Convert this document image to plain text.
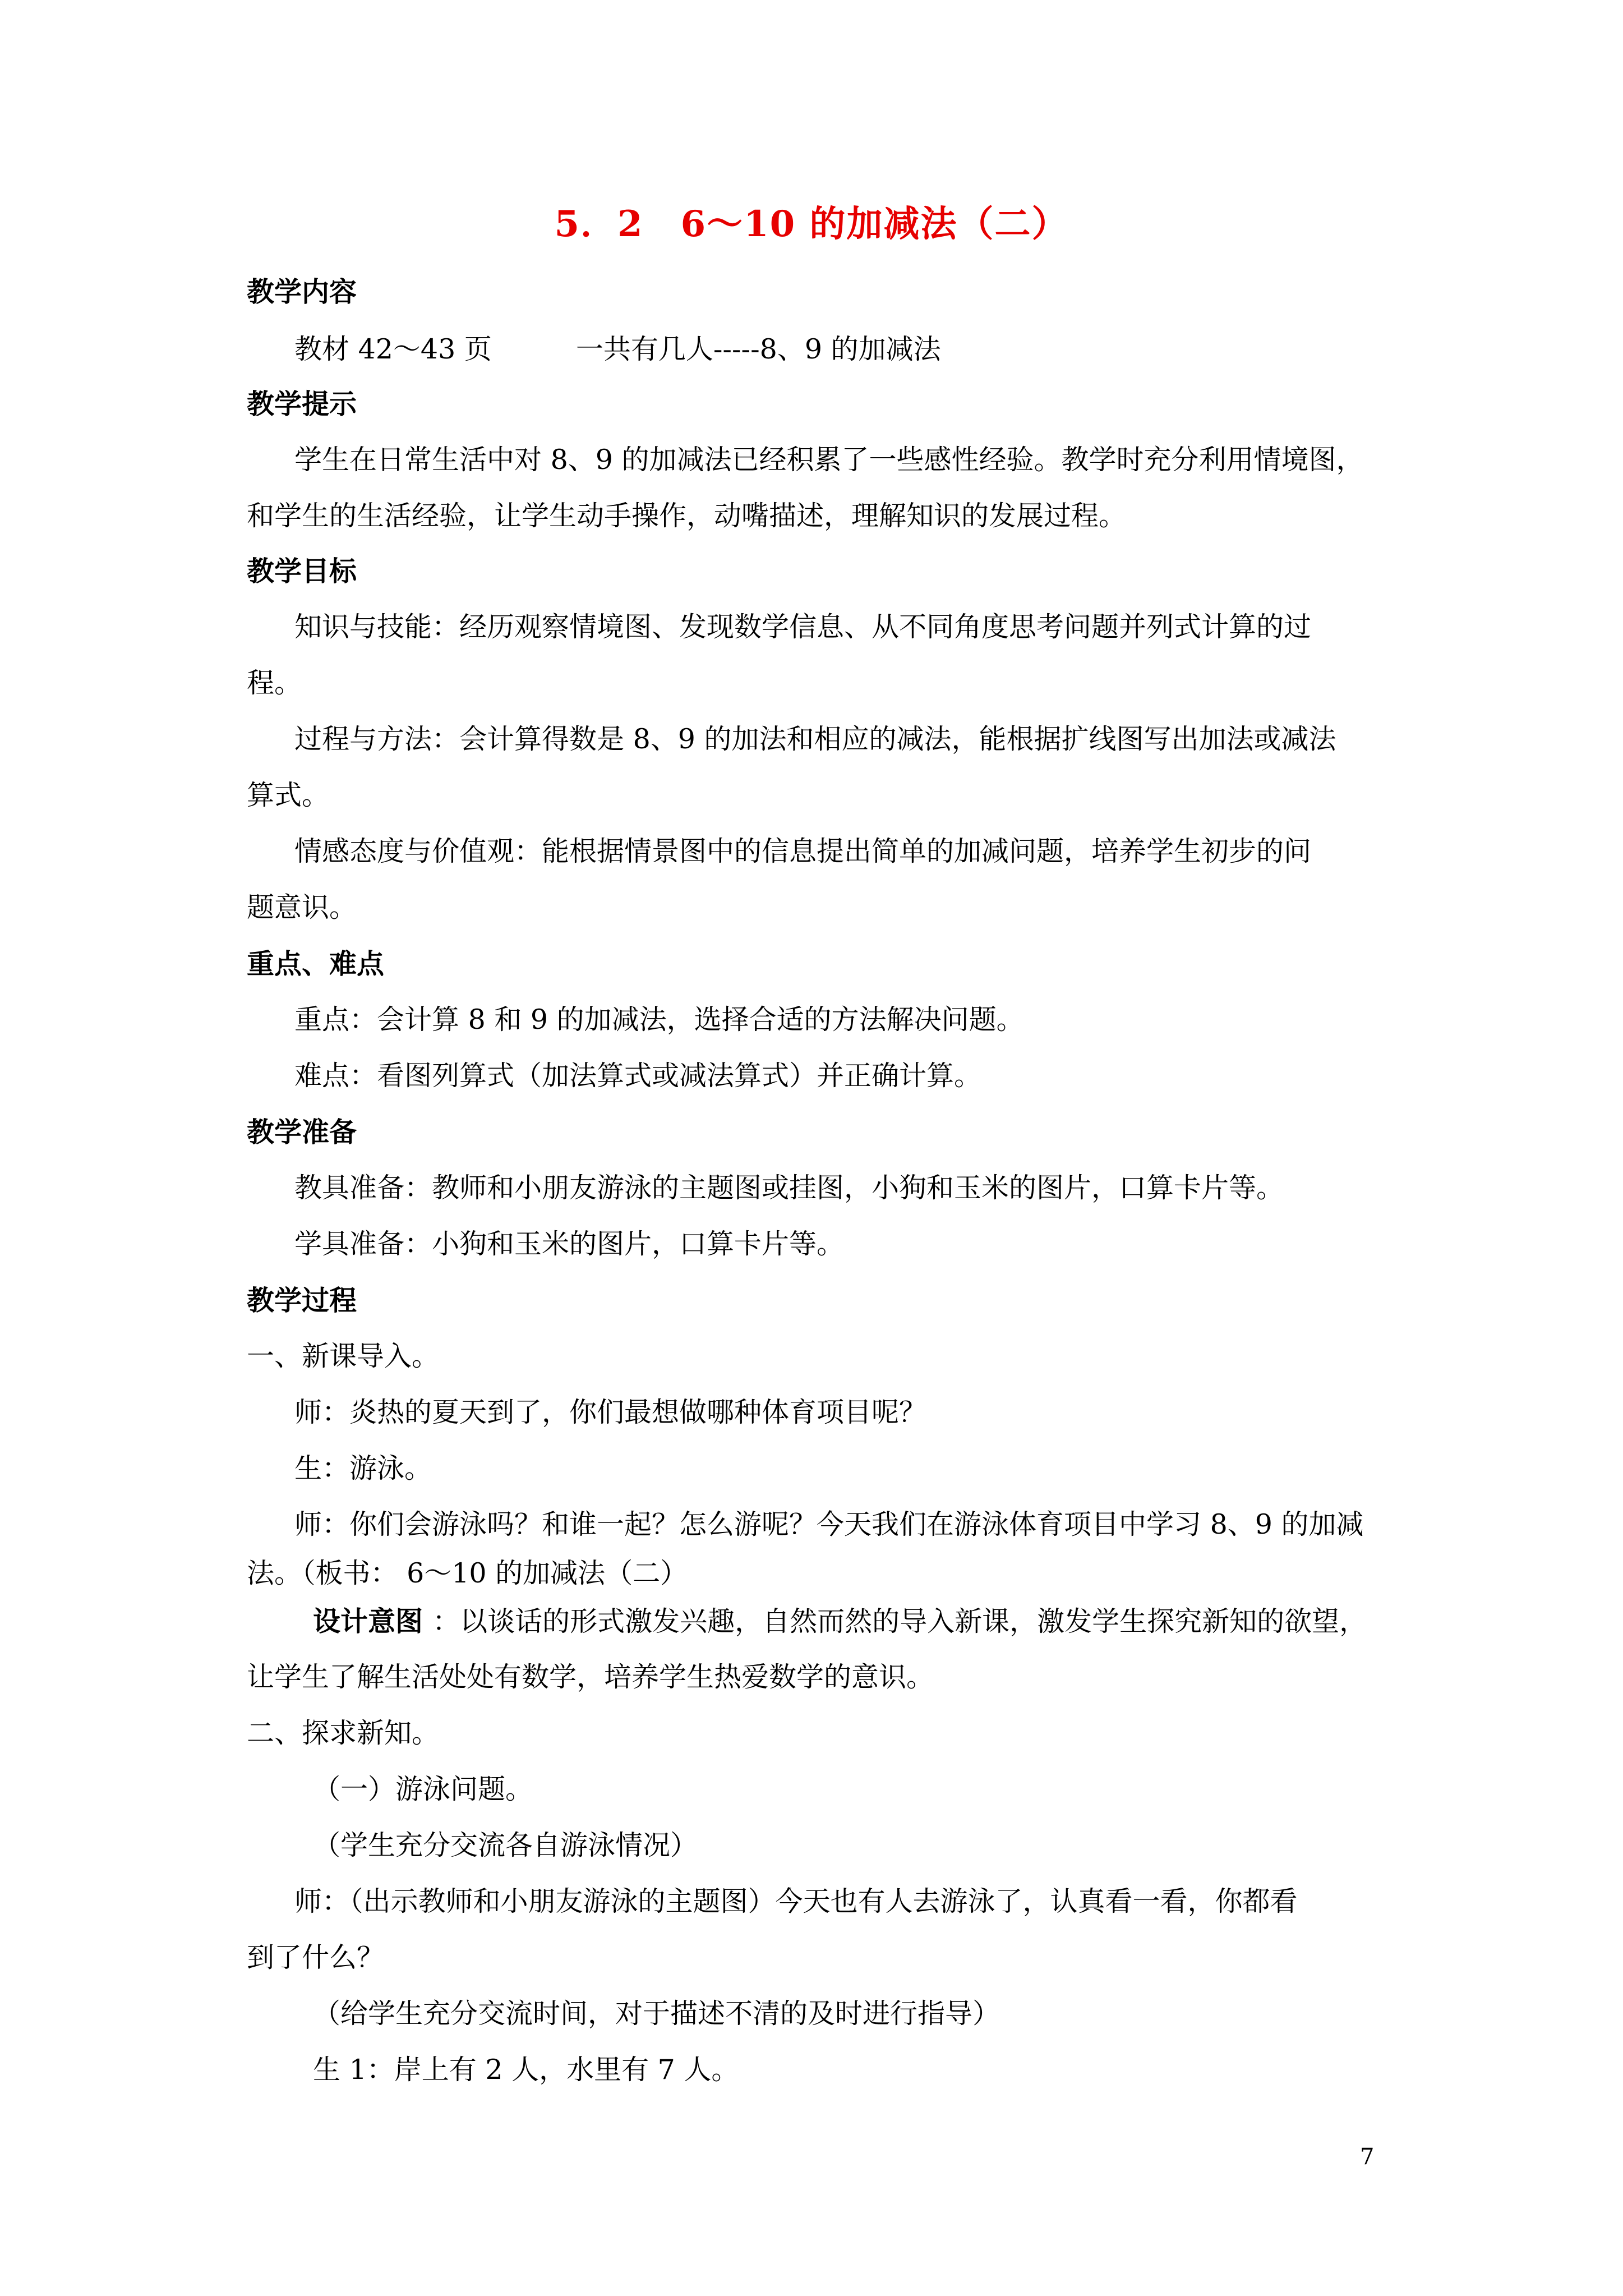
5．2　6～10 的加减法（二）
教学内容
教材 42～43 页	一共有几人-----8、9 的加减法
教学提示
学生在日常生活中对 8、9 的加减法已经积累了一些感性经验。教学时充分利用情境图，
和学生的生活经验，让学生动手操作，动嘴描述，理解知识的发展过程。
教学目标
知识与技能：经历观察情境图、发现数学信息、从不同角度思考问题并列式计算的过
程。
过程与方法：会计算得数是 8、9 的加法和相应的减法，能根据扩线图写出加法或减法
算式。
情感态度与价值观：能根据情景图中的信息提出简单的加减问题，培养学生初步的问
题意识。
重点、难点
重点：会计算 8 和 9 的加减法，选择合适的方法解决问题。
难点：看图列算式（加法算式或减法算式）并正确计算。
教学准备
教具准备：教师和小朋友游泳的主题图或挂图，小狗和玉米的图片，口算卡片等。
学具准备：小狗和玉米的图片，口算卡片等。
教学过程
一、新课导入。
师：炎热的夏天到了，你们最想做哪种体育项目呢？
生：游泳。
师：你们会游泳吗？和谁一起？怎么游呢？今天我们在游泳体育项目中学习 8、9 的加减
法。（板书： 6～10 的加减法（二）
设计意图 ：以谈话的形式激发兴趣，自然而然的导入新课，激发学生探究新知的欲望，
让学生了解生活处处有数学，培养学生热爱数学的意识。
二、探求新知。
（一）游泳问题。
（学生充分交流各自游泳情况）
师：（出示教师和小朋友游泳的主题图）今天也有人去游泳了，认真看一看，你都看
到了什么？
（给学生充分交流时间，对于描述不清的及时进行指导）
生 1：岸上有 2 人，水里有 7 人。
7
